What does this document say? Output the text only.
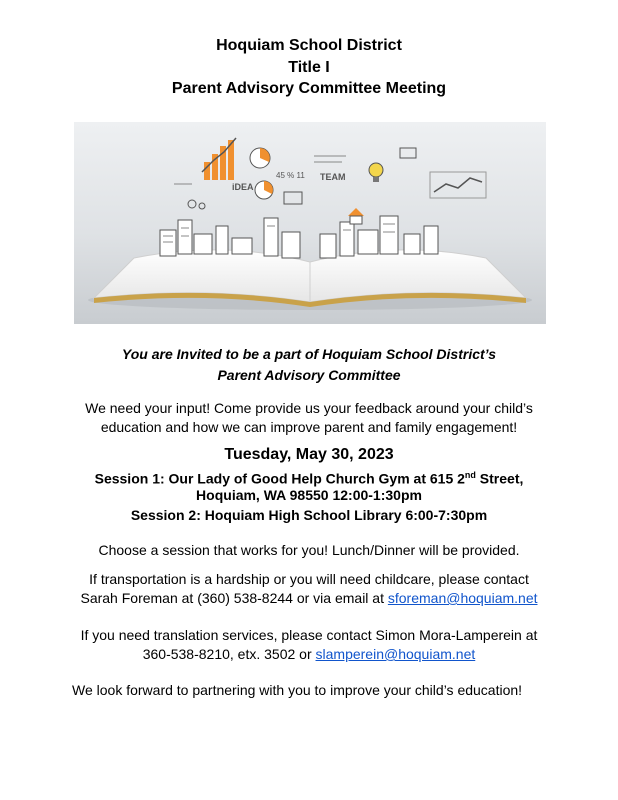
Hoquiam School District
Title I
Parent Advisory Committee Meeting
iDEA
TEAM
45 % 11
You are Invited to be a part of Hoquiam School District’s
Parent Advisory Committee
We need your input! Come provide us your feedback around your child’s
education and how we can improve parent and family engagement!
Tuesday, May 30, 2023
Session 1: Our Lady of Good Help Church Gym at 615 2nd Street,
Hoquiam, WA 98550 12:00-1:30pm
Session 2: Hoquiam High School Library 6:00-7:30pm
Choose a session that works for you! Lunch/Dinner will be provided.
If transportation is a hardship or you will need childcare, please contact
Sarah Foreman at (360) 538-8244 or via email at sforeman@hoquiam.net
If you need translation services, please contact Simon Mora-Lamperein at
360-538-8210, etx. 3502 or slamperein@hoquiam.net
We look forward to partnering with you to improve your child’s education!
